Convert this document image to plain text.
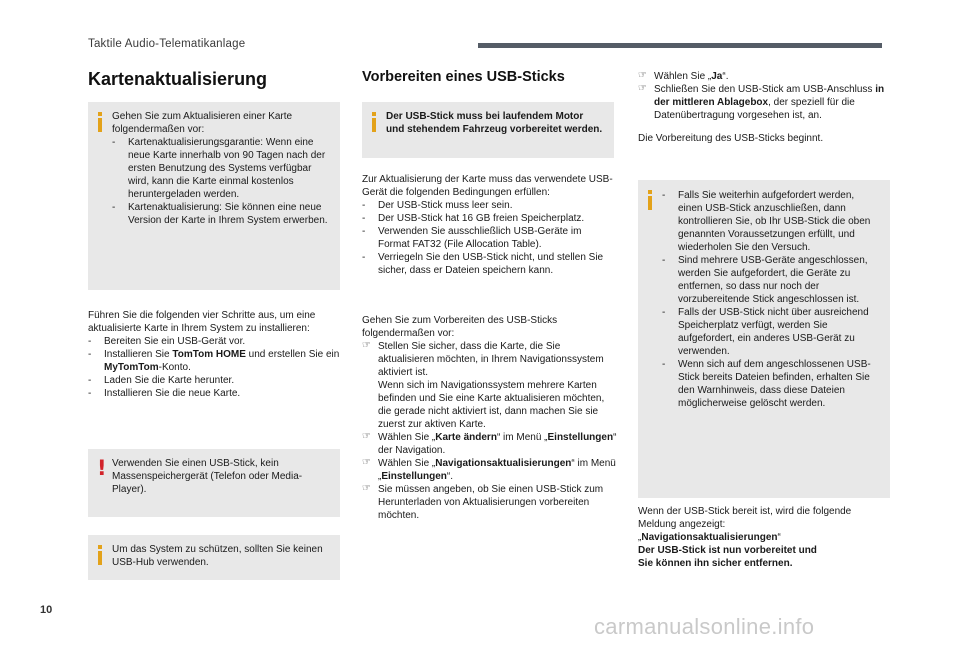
Taktile Audio-Telematikanlage
Kartenaktualisierung

Gehen Sie zum Aktualisieren einer Karte folgendermaßen vor:

- Kartenaktualisierungsgarantie: Wenn eine neue Karte innerhalb von 90 Tagen nach der ersten Benutzung des Systems verfügbar wird, kann die Karte einmal kostenlos heruntergeladen werden.

- Kartenaktualisierung: Sie können eine neue Version der Karte in Ihrem System erwerben.

Führen Sie die folgenden vier Schritte aus, um eine aktualisierte Karte in Ihrem System zu installieren:

- Bereiten Sie ein USB-Gerät vor.

- Installieren Sie TomTom HOME und erstellen Sie ein MyTomTom-Konto.

- Laden Sie die Karte herunter.

- Installieren Sie die neue Karte.

! Verwenden Sie einen USB-Stick, kein Massenspeichergerät (Telefon oder Media-Player).
Um das System zu schützen, sollten Sie keinen USB-Hub verwenden.
Vorbereiten eines USB-Sticks
Der USB-Stick muss bei laufendem Motor und stehendem Fahrzeug vorbereitet werden.

Zur Aktualisierung der Karte muss das verwendete USB-Gerät die folgenden Bedingungen erfüllen:

- Der USB-Stick muss leer sein.

- Der USB-Stick hat 16 GB freien Speicherplatz.

- Verwenden Sie ausschließlich USB-Geräte im Format FAT32 (File Allocation Table).

- Verriegeln Sie den USB-Stick nicht, und stellen Sie sicher, dass er Dateien speichern kann.

Gehen Sie zum Vorbereiten des USB-Sticks folgendermaßen vor:

☞ Stellen Sie sicher, dass die Karte, die Sie aktualisieren möchten, in Ihrem Navigationssystem aktiviert ist.

Wenn sich im Navigationssystem mehrere Karten befinden und Sie eine Karte aktualisieren möchten, die gerade nicht aktiviert ist, dann machen Sie sie zuerst zur aktiven Karte.

☞ Wählen Sie „Karte ändern“ im Menü „Einstellungen“ der Navigation.

☞ Wählen Sie „Navigationsaktualisierungen“ im Menü „Einstellungen“.

☞ Sie müssen angeben, ob Sie einen USB-Stick zum Herunterladen von Aktualisierungen vorbereiten möchten.

☞ Wählen Sie „Ja“.

☞ Schließen Sie den USB-Stick am USB-Anschluss in der mittleren Ablagebox, der speziell für die Datenübertragung vorgesehen ist, an.

Die Vorbereitung des USB-Sticks beginnt.

- Falls Sie weiterhin aufgefordert werden, einen USB-Stick anzuschließen, dann kontrollieren Sie, ob Ihr USB-Stick die oben genannten Voraussetzungen erfüllt, und wiederholen Sie den Versuch.

- Sind mehrere USB-Geräte angeschlossen, werden Sie aufgefordert, die Geräte zu entfernen, so dass nur noch der vorzubereitende Stick angeschlossen ist.

- Falls der USB-Stick nicht über ausreichend Speicherplatz verfügt, werden Sie aufgefordert, ein anderes USB-Gerät zu verwenden.

- Wenn sich auf dem angeschlossenen USB-Stick bereits Dateien befinden, erhalten Sie den Warnhinweis, dass diese Dateien möglicherweise gelöscht werden.

Wenn der USB-Stick bereit ist, wird die folgende Meldung angezeigt:

„Navigationsaktualisierungen“

Der USB-Stick ist nun vorbereitet und

Sie können ihn sicher entfernen.

10
carmanualsonline.info
